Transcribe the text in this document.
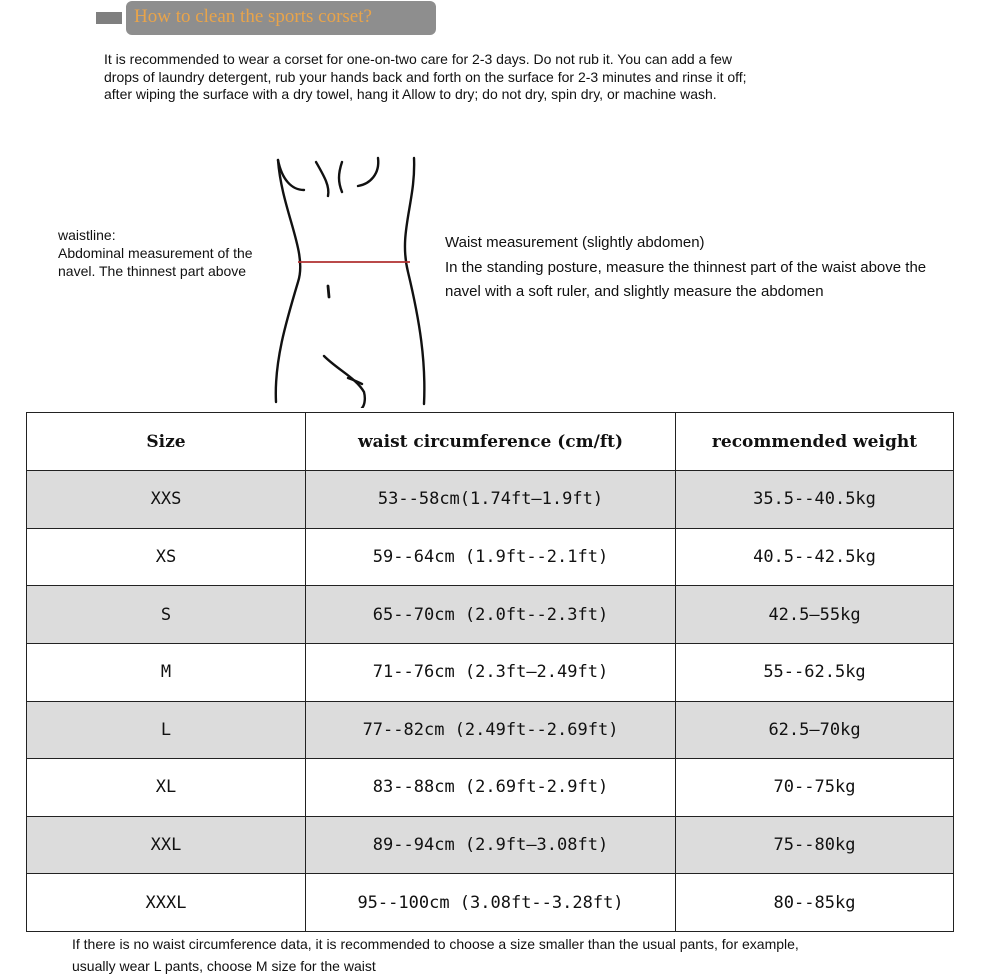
How to clean the sports corset?
It is recommended to wear a corset for one-on-two care for 2-3 days. Do not rub it. You can add a few
drops of laundry detergent, rub your hands back and forth on the surface for 2-3 minutes and rinse it off;
after wiping the surface with a dry towel, hang it Allow to dry; do not dry, spin dry, or machine wash.
waistline:
Abdominal measurement of the
navel. The thinnest part above
Waist measurement (slightly abdomen)
In the standing posture, measure the thinnest part of the waist above the
navel with a soft ruler, and slightly measure the abdomen
Size	waist circumference (cm/ft)	recommended weight
XXS	53--58cm(1.74ft—1.9ft)	35.5--40.5kg
XS	59--64cm (1.9ft--2.1ft)	40.5--42.5kg
S	65--70cm (2.0ft--2.3ft)	42.5—55kg
M	71--76cm (2.3ft—2.49ft)	55--62.5kg
L	77--82cm (2.49ft--2.69ft)	62.5—70kg
XL	83--88cm (2.69ft-2.9ft)	70--75kg
XXL	89--94cm (2.9ft—3.08ft)	75--80kg
XXXL	95--100cm (3.08ft--3.28ft)	80--85kg
If there is no waist circumference data, it is recommended to choose a size smaller than the usual pants, for example,
usually wear L pants, choose M size for the waist
